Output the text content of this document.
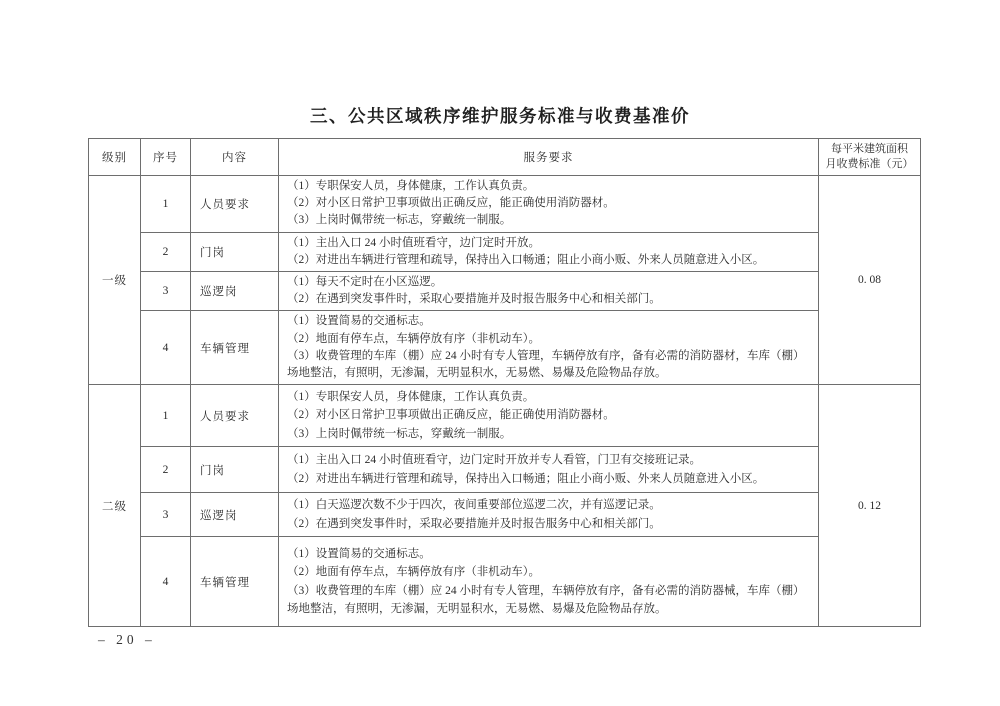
三、公共区域秩序维护服务标准与收费基准价
级别	序号	内容	服务要求	每平米建筑面积
月收费标准（元）

一级	1	人员要求	（1）专职保安人员，身体健康，工作认真负责。
（2）对小区日常护卫事项做出正确反应，能正确使用消防器材。
（3）上岗时佩带统一标志，穿戴统一制服。	0. 08
	2	门岗	（1）主出入口 24 小时值班看守，边门定时开放。
（2）对进出车辆进行管理和疏导，保持出入口畅通；阻止小商小贩、外来人员随意进入小区。	

	3	巡逻岗	（1）每天不定时在小区巡逻。
（2）在遇到突发事件时，采取心要措施并及时报告服务中心和相关部门。	

	4	车辆管理	（1）设置简易的交通标志。
（2）地面有停车点，车辆停放有序（非机动车）。
（3）收费管理的车库（棚）应 24 小时有专人管理，车辆停放有序，备有必需的消防器材，车库（棚）场地整洁，有照明，无渗漏，无明显积水，无易燃、易爆及危险物品存放。	

二级	1	人员要求	（1）专职保安人员，身体健康，工作认真负责。
（2）对小区日常护卫事项做出正确反应，能正确使用消防器材。
（3）上岗时佩带统一标志，穿戴统一制服。	0. 12
	2	门岗	（1）主出入口 24 小时值班看守，边门定时开放并专人看管，门卫有交接班记录。
（2）对进出车辆进行管理和疏导，保持出入口畅通；阻止小商小贩、外来人员随意进入小区。	

	3	巡逻岗	（1）白天巡逻次数不少于四次，夜间重要部位巡逻二次，并有巡逻记录。
（2）在遇到突发事件时，采取必要措施并及时报告服务中心和相关部门。	

	4	车辆管理	（1）设置简易的交通标志。
（2）地面有停车点，车辆停放有序（非机动车）。
（3）收费管理的车库（棚）应 24 小时有专人管理，车辆停放有序，备有必需的消防器械，车库（棚）场地整洁，有照明，无渗漏，无明显积水，无易燃、易爆及危险物品存放。	
– 20 –
